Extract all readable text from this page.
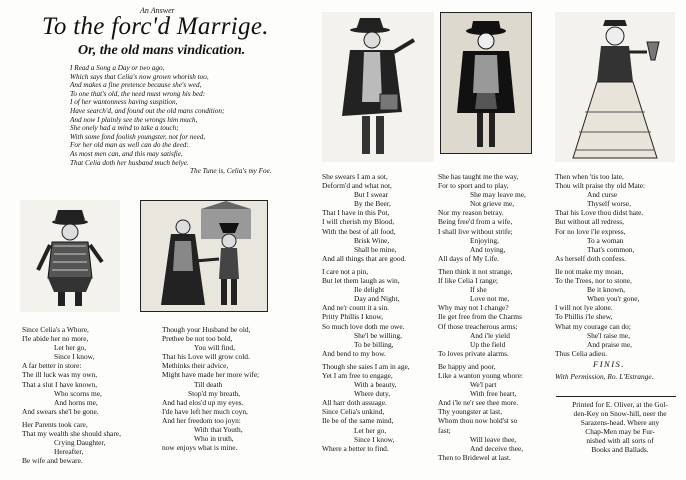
An Answer
To the forc'd Marrige.
Or, the old mans vindication.
I Read a Song a Day or two ago,
Which says that Celia's now grown whorish too,
And makes a fine pretence because she's wed,
To one that's old, the need must wrong his bed:
I of her wantonness having suspition,
Have search'd, and found out the old mans condition;
And now I plainly see the wrongs him much,
She onely had a mind to take a touch;
With some fond foolish youngster, not for need,
For her old man as well can do the deed:
As most men can, and this may satisfie,
That Celia doth her husband much belye.
The Tune is, Celia's my Foe.
Since Celia's a Whore,
I'le abide her no more,
Let her go,
Since I know,
A far better in store:
The ill luck was my own,
That a slut I have known,
Who scorns me,
And horns me,
And swears she'l be gone.
Her Parents took care,
That my wealth she should share,
Crying Daughter,
Hereafter,
Be wife and beware.
Though your Husband be old,
Prethee be not too bold,
You will find,
That his Love will grow cold.
Methinks their advice,
Might have made her more wife;
Till death
Stop'd my breath,
And had elos'd up my eyes.
I'de have left her much coyn,
And her freedom too joyn:
With that Youth,
Who in truth,
now enjoys what is mine.
She swears I am a sot,
Deform'd and what not,
But I swear
By the Beer,
That I have in this Pot,
I will cherish my Blood,
With the best of all food,
Brisk Wine,
Shall be mine,
And all things that are good.
I care not a pin,
But let them laugh as win,
Ile delight
Day and Night,
And ne'r count it a sin.
Pritty Phillis I know,
So much love doth me owe.
She'l be willing,
To be billing,
And bend to my bow.
Though she saies I am in age,
Yet I am free to engage,
With a beauty,
Where duty,
All harr doth assuage.
Since Celia's unkind,
Ile be of the same mind,
Let her go,
Since I know,
Where a better to find.
She has taught me the way,
For to sport and to play,
She may leave me,
Not grieve me,
Nor my reason betray.
Being free'd from a wife,
I shall live without strife;
Enjoying,
And toying,
All days of My Life.
Then think it not strange,
If like Celia I range;
If she
Love not me,
Why may not I change?
Ile get free from the Charms
Of those treacherous arms;
And i'le yield
Up the field
To loves private alarms.
Be happy and poor,
Like a wanton young whore:
We'l part
With free heart,
And i'le ne'r see thee more.
Thy youngster at last,
Whom thou now hold'st so
fast;
Will leave thee,
And deceive thee,
Then to Bridewel at last.
Then when 'tis too late,
Thou wilt praise thy old Mate:
And curse
Thyself worse,
That his Love thou didst hate.
But without all redress,
For no love i'le express,
To a woman
That's common,
As herself doth confess.
Ile not make my moan,
To the Trees, nor to stone,
Be it known,
When you'r gone,
I will not lye alone.
To Phillis i'le shew,
What my courage can do;
She'l raise me,
And praise me,
Thus Celia adieu.
FINIS.
With Permission, Ro. L'Estrange.
Printed for E. Oliver, at the Gol-
den-Key on Snow-hill, neer the
Sarazens-head. Where any
Chap-Men may be Fur-
nished with all sorts of
Books and Ballads.
